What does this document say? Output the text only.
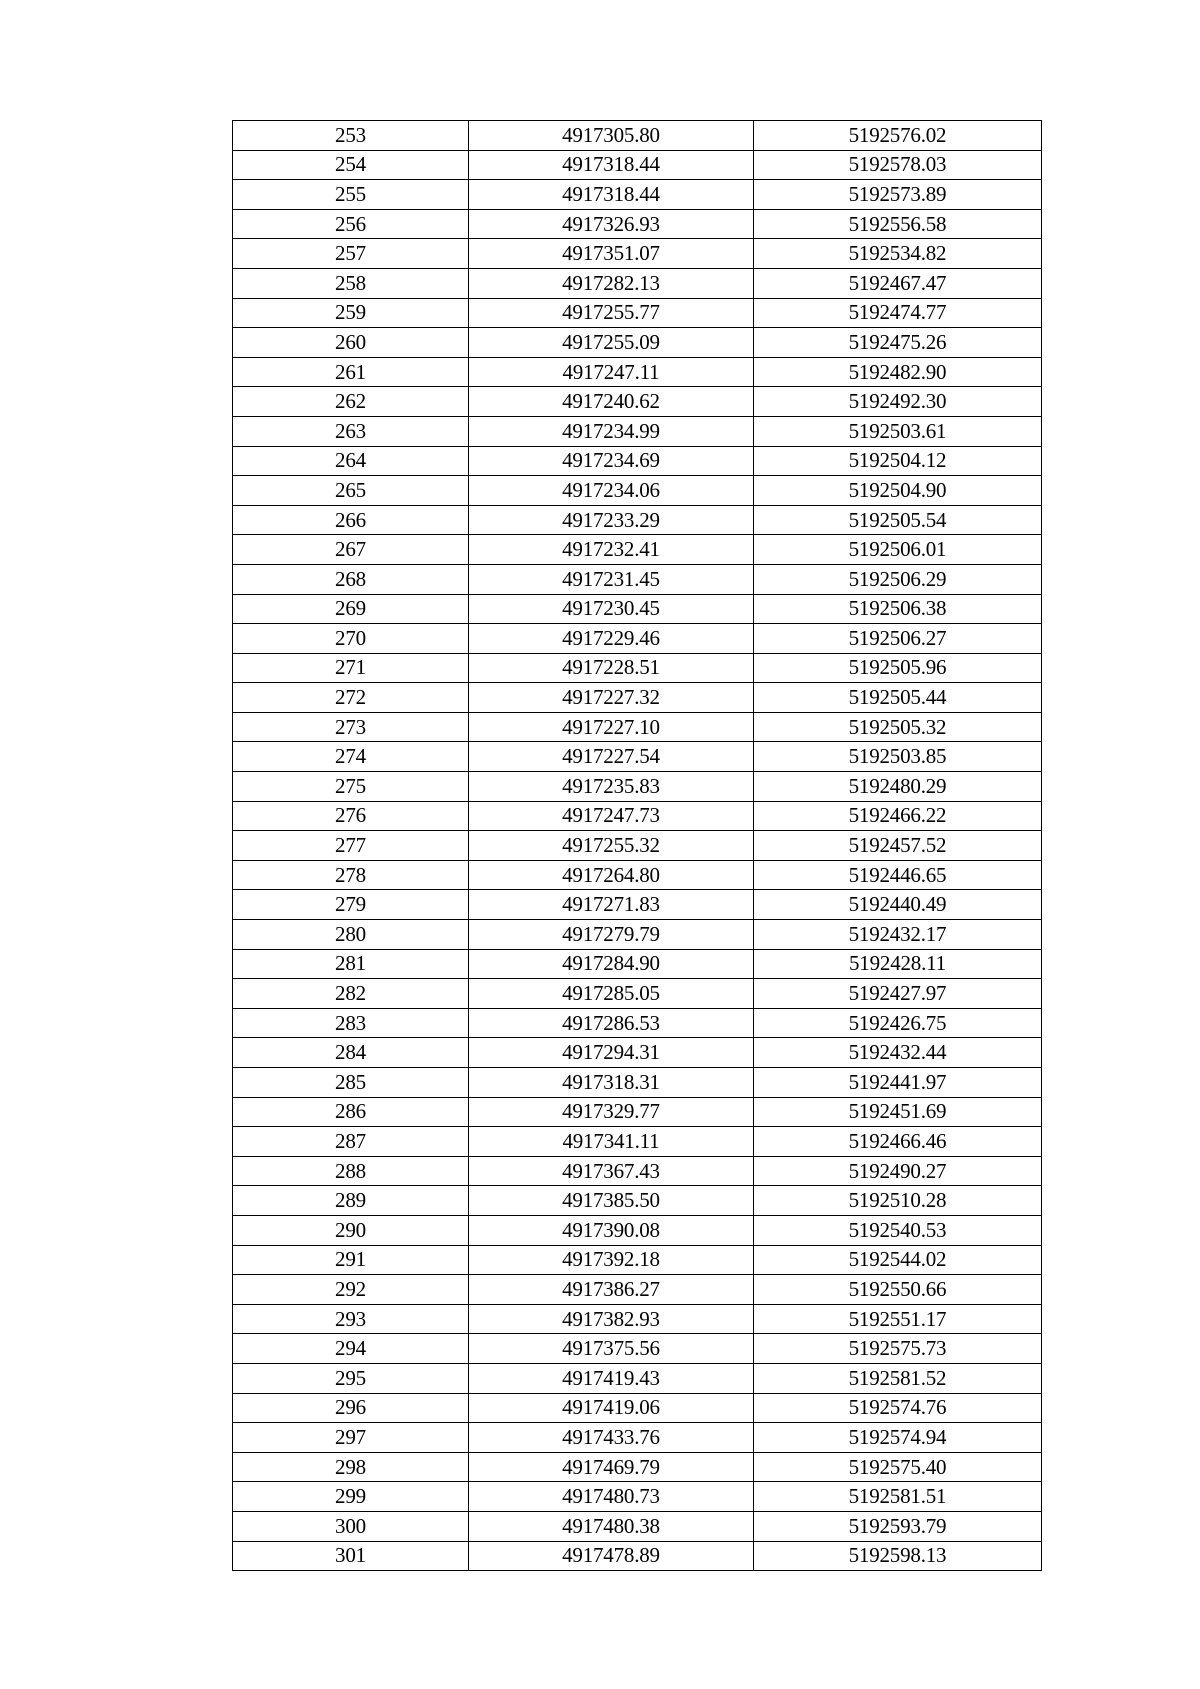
253	4917305.80	5192576.02
254	4917318.44	5192578.03
255	4917318.44	5192573.89
256	4917326.93	5192556.58
257	4917351.07	5192534.82
258	4917282.13	5192467.47
259	4917255.77	5192474.77
260	4917255.09	5192475.26
261	4917247.11	5192482.90
262	4917240.62	5192492.30
263	4917234.99	5192503.61
264	4917234.69	5192504.12
265	4917234.06	5192504.90
266	4917233.29	5192505.54
267	4917232.41	5192506.01
268	4917231.45	5192506.29
269	4917230.45	5192506.38
270	4917229.46	5192506.27
271	4917228.51	5192505.96
272	4917227.32	5192505.44
273	4917227.10	5192505.32
274	4917227.54	5192503.85
275	4917235.83	5192480.29
276	4917247.73	5192466.22
277	4917255.32	5192457.52
278	4917264.80	5192446.65
279	4917271.83	5192440.49
280	4917279.79	5192432.17
281	4917284.90	5192428.11
282	4917285.05	5192427.97
283	4917286.53	5192426.75
284	4917294.31	5192432.44
285	4917318.31	5192441.97
286	4917329.77	5192451.69
287	4917341.11	5192466.46
288	4917367.43	5192490.27
289	4917385.50	5192510.28
290	4917390.08	5192540.53
291	4917392.18	5192544.02
292	4917386.27	5192550.66
293	4917382.93	5192551.17
294	4917375.56	5192575.73
295	4917419.43	5192581.52
296	4917419.06	5192574.76
297	4917433.76	5192574.94
298	4917469.79	5192575.40
299	4917480.73	5192581.51
300	4917480.38	5192593.79
301	4917478.89	5192598.13
